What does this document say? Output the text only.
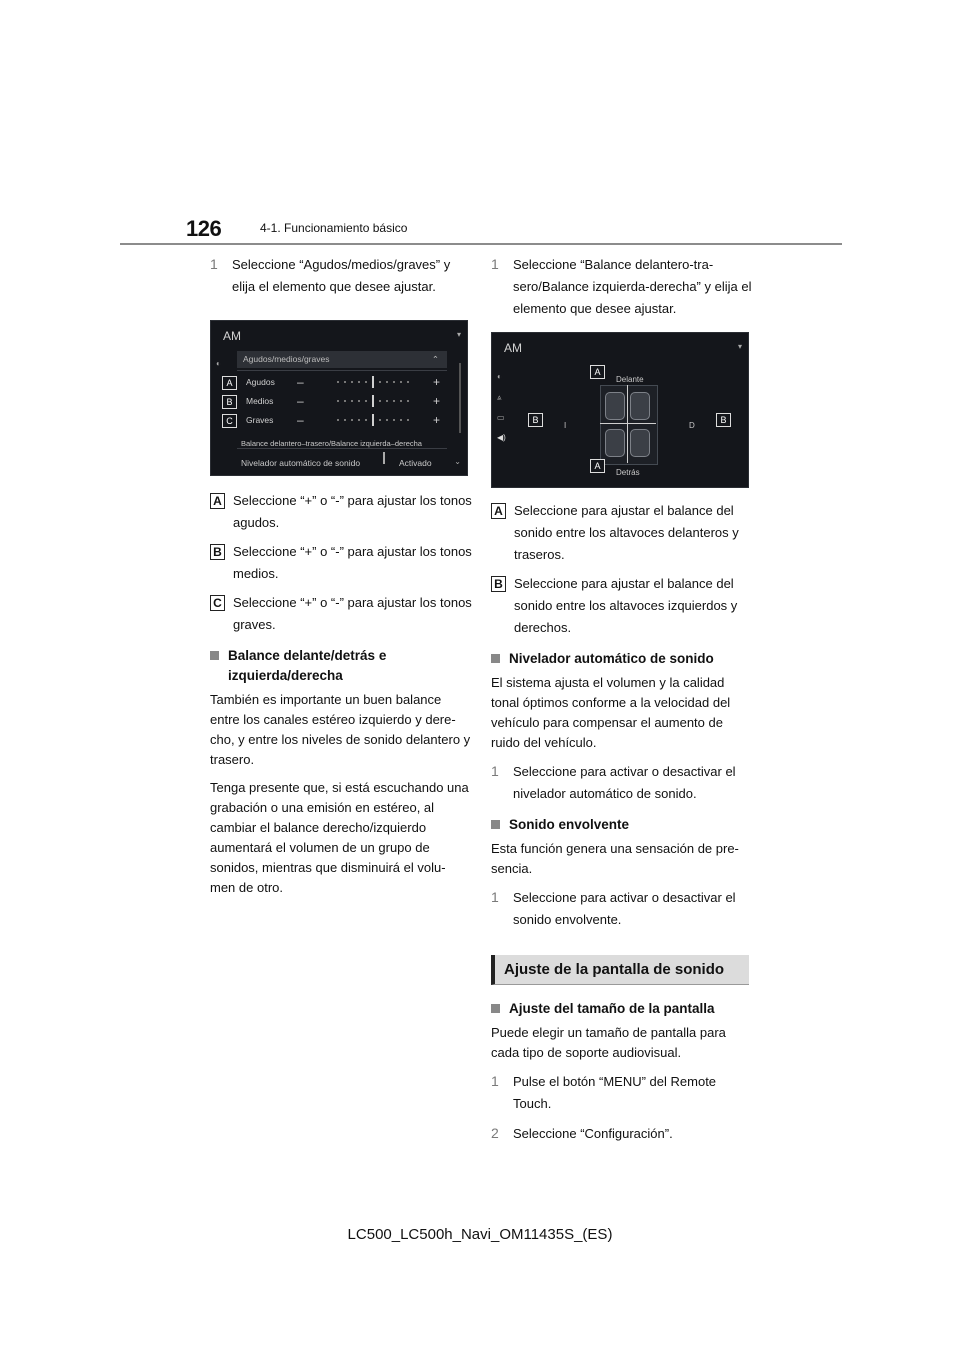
126	4-1. Funcionamiento básico
1	Seleccione “Agudos/medios/graves” y elija el elemento que desee ajustar.
AM	▾
◐	Agudos/medios/graves	⌃
Agudos –	+
Medios –	+
Graves –	+
A
B
C
Balance delantero–trasero/Balance izquierda–derecha
Nivelador automático de sonido	Activado	⌄
A Seleccione “+” o “-” para ajustar los tonos agudos.
B Seleccione “+” o “-” para ajustar los tonos medios.
C Seleccione “+” o “-” para ajustar los tonos graves.
Balance delante/detrás e izquierda/derecha

También es importante un buen balance entre los canales estéreo izquierdo y dere- cho, y entre los niveles de sonido delantero y trasero.

Tenga presente que, si está escuchando una grabación o una emisión en estéreo, al cambiar el balance derecho/izquierdo aumentará el volumen de un grupo de sonidos, mientras que disminuirá el volu- men de otro.

1	Seleccione “Balance delantero-tra- sero/Balance izquierda-derecha” y elija el elemento que desee ajustar.
AM	▾
◐
⩓
▭
◀)
A
Delante
B
I	D
B
A
Detrás
A Seleccione para ajustar el balance del sonido entre los altavoces delanteros y traseros.
B Seleccione para ajustar el balance del sonido entre los altavoces izquierdos y derechos.
Nivelador automático de sonido

El sistema ajusta el volumen y la calidad tonal óptimos conforme a la velocidad del vehículo para compensar el aumento de ruido del vehículo.

1	Seleccione para activar o desactivar el nivelador automático de sonido.
Sonido envolvente

Esta función genera una sensación de pre- sencia.

1	Seleccione para activar o desactivar el sonido envolvente.
Ajuste de la pantalla de sonido
Ajuste del tamaño de la pantalla

Puede elegir un tamaño de pantalla para cada tipo de soporte audiovisual.

1	Pulse el botón “MENU” del Remote Touch.
2	Seleccione “Configuración”.
LC500_LC500h_Navi_OM11435S_(ES)
